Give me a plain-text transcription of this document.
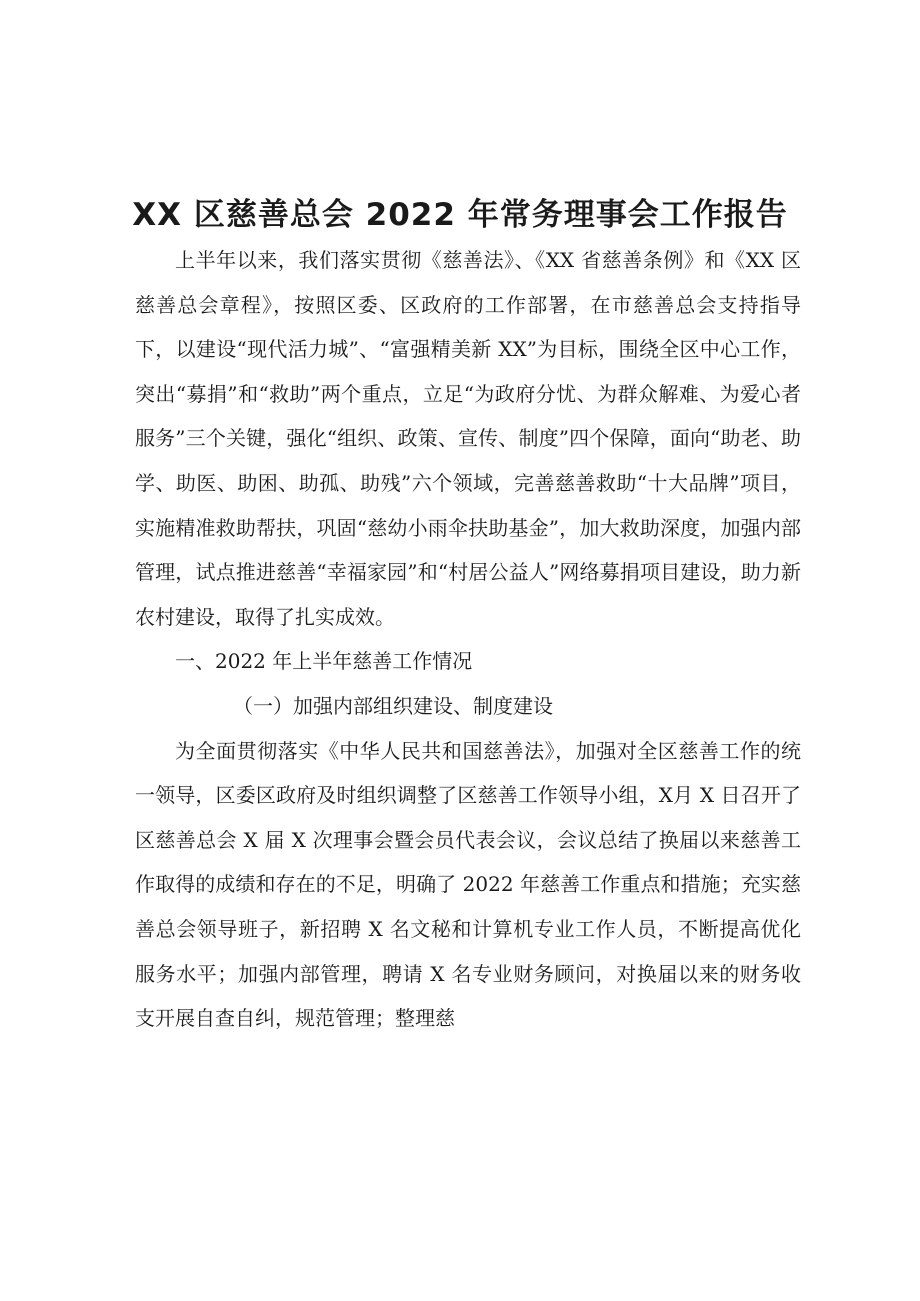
XX 区慈善总会 2022 年常务理事会工作报告

上半年以来，我们落实贯彻《慈善法》、《XX 省慈善条例》和《XX 区慈善总会章程》，按照区委、区政府的工作部署，在市慈善总会支持指导下，以建设“现代活力城”、“富强精美新 XX”为目标，围绕全区中心工作，突出“募捐”和“救助”两个重点，立足“为政府分忧、为群众解难、为爱心者服务”三个关键，强化“组织、政策、宣传、制度”四个保障，面向“助老、助学、助医、助困、助孤、助残”六个领域，完善慈善救助“十大品牌”项目，实施精准救助帮扶，巩固“慈幼小雨伞扶助基金”，加大救助深度，加强内部管理，试点推进慈善“幸福家园”和“村居公益人”网络募捐项目建设，助力新农村建设，取得了扎实成效。

一、2022 年上半年慈善工作情况

（一）加强内部组织建设、制度建设

为全面贯彻落实《中华人民共和国慈善法》，加强对全区慈善工作的统一领导，区委区政府及时组织调整了区慈善工作领导小组，X月 X 日召开了区慈善总会 X 届 X 次理事会暨会员代表会议，会议总结了换届以来慈善工作取得的成绩和存在的不足，明确了 2022 年慈善工作重点和措施；充实慈善总会领导班子，新招聘 X 名文秘和计算机专业工作人员，不断提高优化服务水平；加强内部管理，聘请 X 名专业财务顾问，对换届以来的财务收支开展自查自纠，规范管理；整理慈
